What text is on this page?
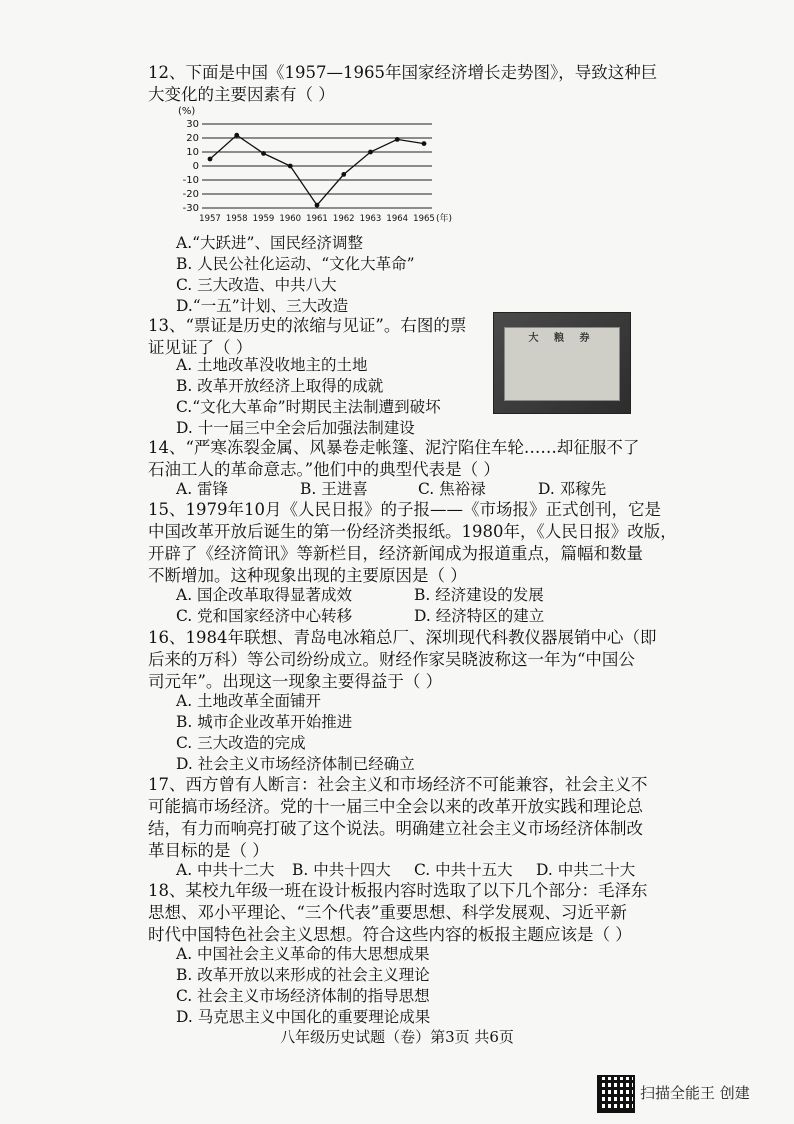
12、下面是中国《1957—1965年国家经济增长走势图》，导致这种巨
大变化的主要因素有（ ）
(%)
30
20
10
0
-10
-20
-30
1957 1958 1959 1960 1961 1962 1963 1964 1965 (年)
A.“大跃进”、国民经济调整
B. 人民公社化运动、“文化大革命”
C. 三大改造、中共八大
D.“一五”计划、三大改造
13、“票证是历史的浓缩与见证”。右图的票
证见证了（ ）	大 粮 券
A. 土地改革没收地主的土地
B. 改革开放经济上取得的成就
C.“文化大革命”时期民主法制遭到破坏
D. 十一届三中全会后加强法制建设
14、“严寒冻裂金属、风暴卷走帐篷、泥泞陷住车轮……却征服不了
石油工人的革命意志。”他们中的典型代表是（ ）
A. 雷锋	B. 王进喜	C. 焦裕禄	D. 邓稼先
15、1979年10月《人民日报》的子报——《市场报》正式创刊，它是
中国改革开放后诞生的第一份经济类报纸。1980年，《人民日报》改版，
开辟了《经济简讯》等新栏目，经济新闻成为报道重点，篇幅和数量
不断增加。这种现象出现的主要原因是（ ）
A. 国企改革取得显著成效	B. 经济建设的发展
C. 党和国家经济中心转移	D. 经济特区的建立
16、1984年联想、青岛电冰箱总厂、深圳现代科教仪器展销中心（即
后来的万科）等公司纷纷成立。财经作家吴晓波称这一年为“中国公
司元年”。出现这一现象主要得益于（ ）
A. 土地改革全面铺开
B. 城市企业改革开始推进
C. 三大改造的完成
D. 社会主义市场经济体制已经确立
17、西方曾有人断言：社会主义和市场经济不可能兼容，社会主义不
可能搞市场经济。党的十一届三中全会以来的改革开放实践和理论总
结，有力而响亮打破了这个说法。明确建立社会主义市场经济体制改
革目标的是（ ）
A. 中共十二大 B. 中共十四大 C. 中共十五大 D. 中共二十大
18、某校九年级一班在设计板报内容时选取了以下几个部分：毛泽东
思想、邓小平理论、“三个代表”重要思想、科学发展观、习近平新
时代中国特色社会主义思想。符合这些内容的板报主题应该是（ ）
A. 中国社会主义革命的伟大思想成果
B. 改革开放以来形成的社会主义理论
C. 社会主义市场经济体制的指导思想
D. 马克思主义中国化的重要理论成果
八年级历史试题（卷）第3页 共6页
扫描全能王 创建
